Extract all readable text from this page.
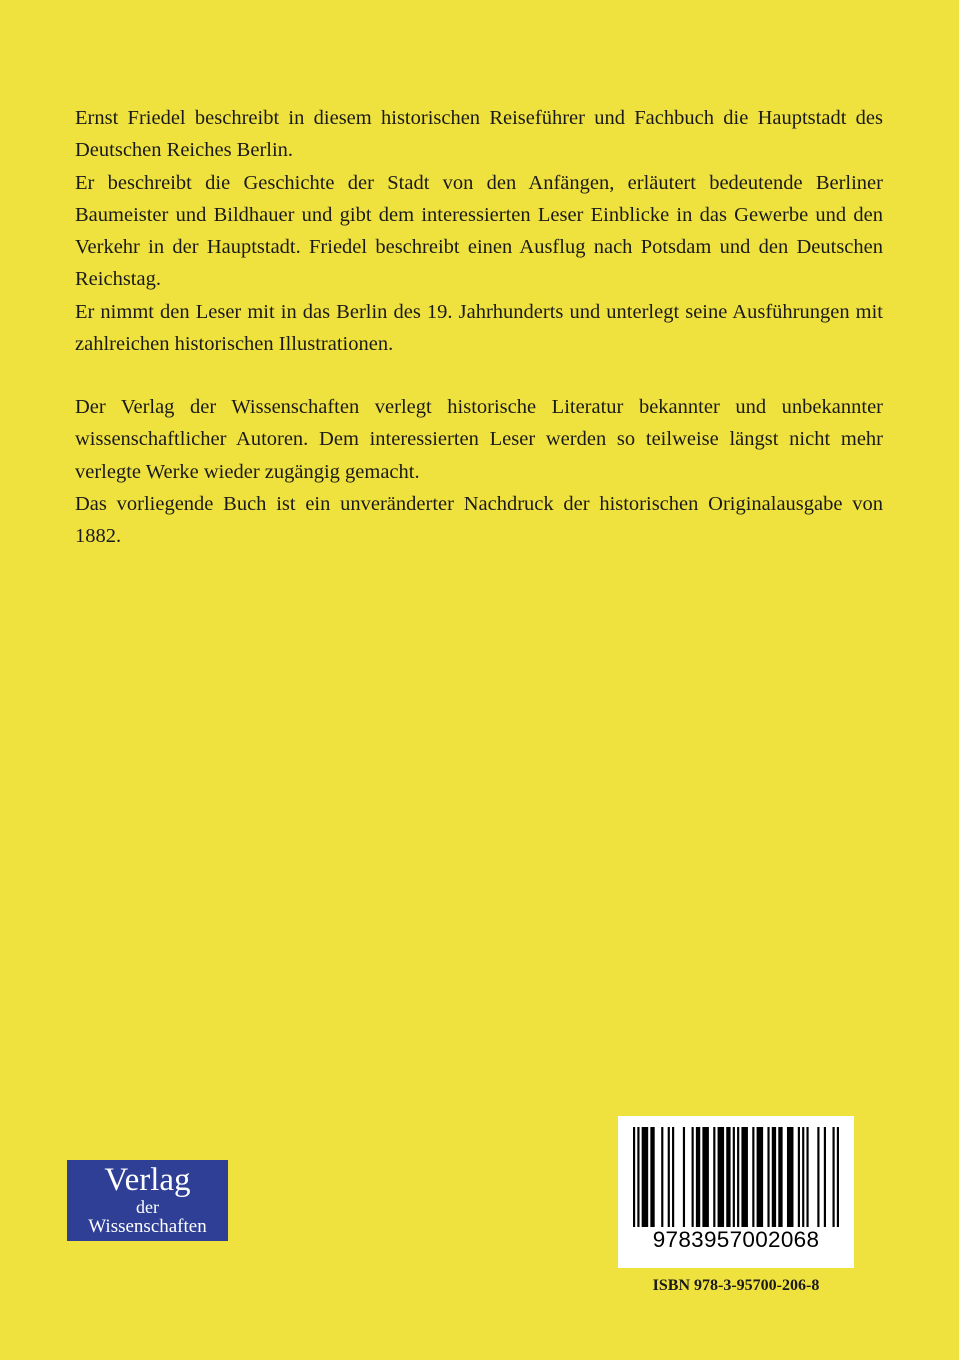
Ernst Friedel beschreibt in diesem historischen Reiseführer und Fachbuch die Hauptstadt des Deutschen Reiches Berlin.

Er beschreibt die Geschichte der Stadt von den Anfängen, erläutert bedeutende Berliner Baumeister und Bildhauer und gibt dem interessierten Leser Einblicke in das Gewerbe und den Verkehr in der Hauptstadt. Friedel beschreibt einen Ausflug nach Potsdam und den Deutschen Reichstag.

Er nimmt den Leser mit in das Berlin des 19. Jahrhunderts und unterlegt seine Ausführungen mit zahlreichen historischen Illustrationen.

Der Verlag der Wissenschaften verlegt historische Literatur bekannter und unbekannter wissenschaftlicher Autoren. Dem interessierten Leser werden so teilweise längst nicht mehr verlegte Werke wieder zugängig gemacht.

Das vorliegende Buch ist ein unveränderter Nachdruck der historischen Originalausgabe von 1882.

Verlag
der
Wissenschaften
9783957002068
ISBN 978-3-95700-206-8
